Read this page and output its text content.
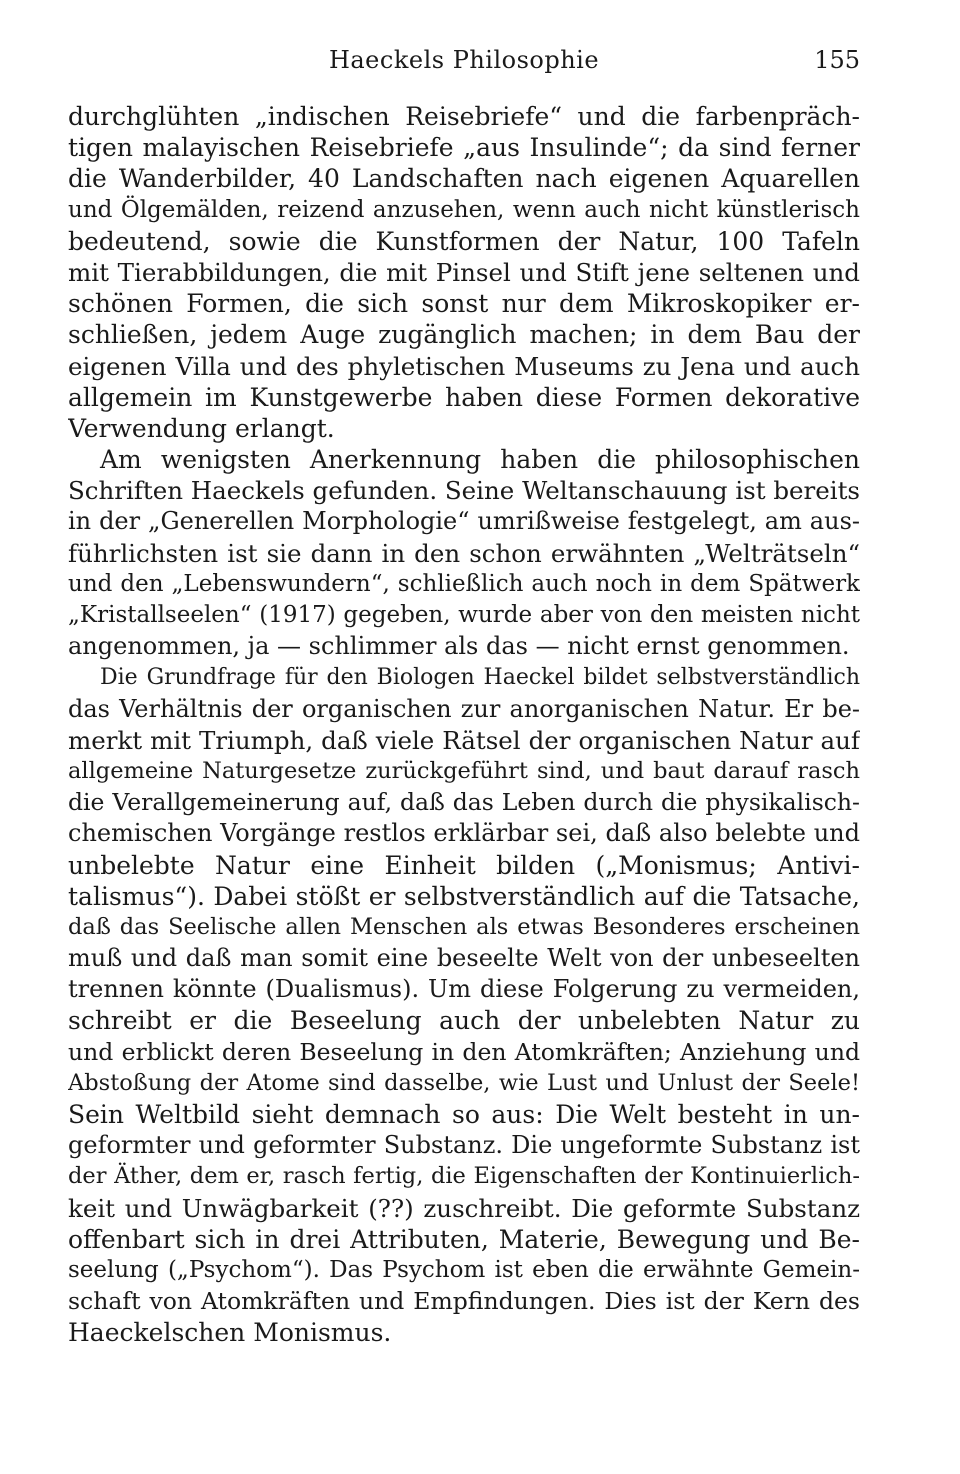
Haeckels Philosophie	155
durchglühten „indischen Reisebriefe“ und die farbenpräch-
tigen malayischen Reisebriefe „aus Insulinde“; da sind ferner
die Wanderbilder, 40 Landschaften nach eigenen Aquarellen
und Ölgemälden, reizend anzusehen, wenn auch nicht künstlerisch
bedeutend, sowie die Kunstformen der Natur, 100 Tafeln
mit Tierabbildungen, die mit Pinsel und Stift jene seltenen und
schönen Formen, die sich sonst nur dem Mikroskopiker er-
schließen, jedem Auge zugänglich machen; in dem Bau der
eigenen Villa und des phyletischen Museums zu Jena und auch
allgemein im Kunstgewerbe haben diese Formen dekorative
Verwendung erlangt.
Am wenigsten Anerkennung haben die philosophischen
Schriften Haeckels gefunden. Seine Weltanschauung ist bereits
in der „Generellen Morphologie“ umrißweise festgelegt, am aus-
führlichsten ist sie dann in den schon erwähnten „Welträtseln“
und den „Lebenswundern“, schließlich auch noch in dem Spätwerk
„Kristallseelen“ (1917) gegeben, wurde aber von den meisten nicht
angenommen, ja — schlimmer als das — nicht ernst genommen.
Die Grundfrage für den Biologen Haeckel bildet selbstverständlich
das Verhältnis der organischen zur anorganischen Natur. Er be-
merkt mit Triumph, daß viele Rätsel der organischen Natur auf
allgemeine Naturgesetze zurückgeführt sind, und baut darauf rasch
die Verallgemeinerung auf, daß das Leben durch die physikalisch-
chemischen Vorgänge restlos erklärbar sei, daß also belebte und
unbelebte Natur eine Einheit bilden („Monismus; Antivi-
talismus“). Dabei stößt er selbstverständlich auf die Tatsache,
daß das Seelische allen Menschen als etwas Besonderes erscheinen
muß und daß man somit eine beseelte Welt von der unbeseelten
trennen könnte (Dualismus). Um diese Folgerung zu vermeiden,
schreibt er die Beseelung auch der unbelebten Natur zu
und erblickt deren Beseelung in den Atomkräften; Anziehung und
Abstoßung der Atome sind dasselbe, wie Lust und Unlust der Seele!
Sein Weltbild sieht demnach so aus: Die Welt besteht in un-
geformter und geformter Substanz. Die ungeformte Substanz ist
der Äther, dem er, rasch fertig, die Eigenschaften der Kontinuierlich-
keit und Unwägbarkeit (??) zuschreibt. Die geformte Substanz
offenbart sich in drei Attributen, Materie, Bewegung und Be-
seelung („Psychom“). Das Psychom ist eben die erwähnte Gemein-
schaft von Atomkräften und Empfindungen. Dies ist der Kern des
Haeckelschen Monismus.
